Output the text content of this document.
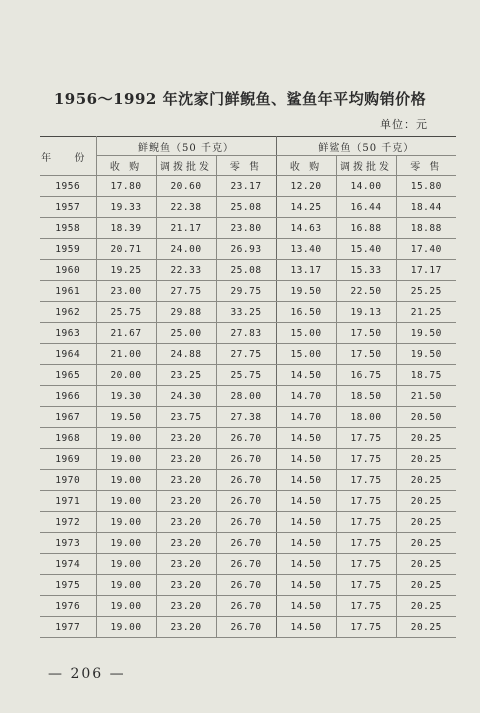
1956～1992 年沈家门鲜鲵鱼、鲨鱼年平均购销价格
单位：元
年 份	鲜鲵鱼（50 千克）			鲜鲨鱼（50 千克）		
	收 购	调拨批发	零 售	收 购	调拨批发	零 售
1956	17.80	20.60	23.17	12.20	14.00	15.80
1957	19.33	22.38	25.08	14.25	16.44	18.44
1958	18.39	21.17	23.80	14.63	16.88	18.88
1959	20.71	24.00	26.93	13.40	15.40	17.40
1960	19.25	22.33	25.08	13.17	15.33	17.17
1961	23.00	27.75	29.75	19.50	22.50	25.25
1962	25.75	29.88	33.25	16.50	19.13	21.25
1963	21.67	25.00	27.83	15.00	17.50	19.50
1964	21.00	24.88	27.75	15.00	17.50	19.50
1965	20.00	23.25	25.75	14.50	16.75	18.75
1966	19.30	24.30	28.00	14.70	18.50	21.50
1967	19.50	23.75	27.38	14.70	18.00	20.50
1968	19.00	23.20	26.70	14.50	17.75	20.25
1969	19.00	23.20	26.70	14.50	17.75	20.25
1970	19.00	23.20	26.70	14.50	17.75	20.25
1971	19.00	23.20	26.70	14.50	17.75	20.25
1972	19.00	23.20	26.70	14.50	17.75	20.25
1973	19.00	23.20	26.70	14.50	17.75	20.25
1974	19.00	23.20	26.70	14.50	17.75	20.25
1975	19.00	23.20	26.70	14.50	17.75	20.25
1976	19.00	23.20	26.70	14.50	17.75	20.25
1977	19.00	23.20	26.70	14.50	17.75	20.25
— 206 —
